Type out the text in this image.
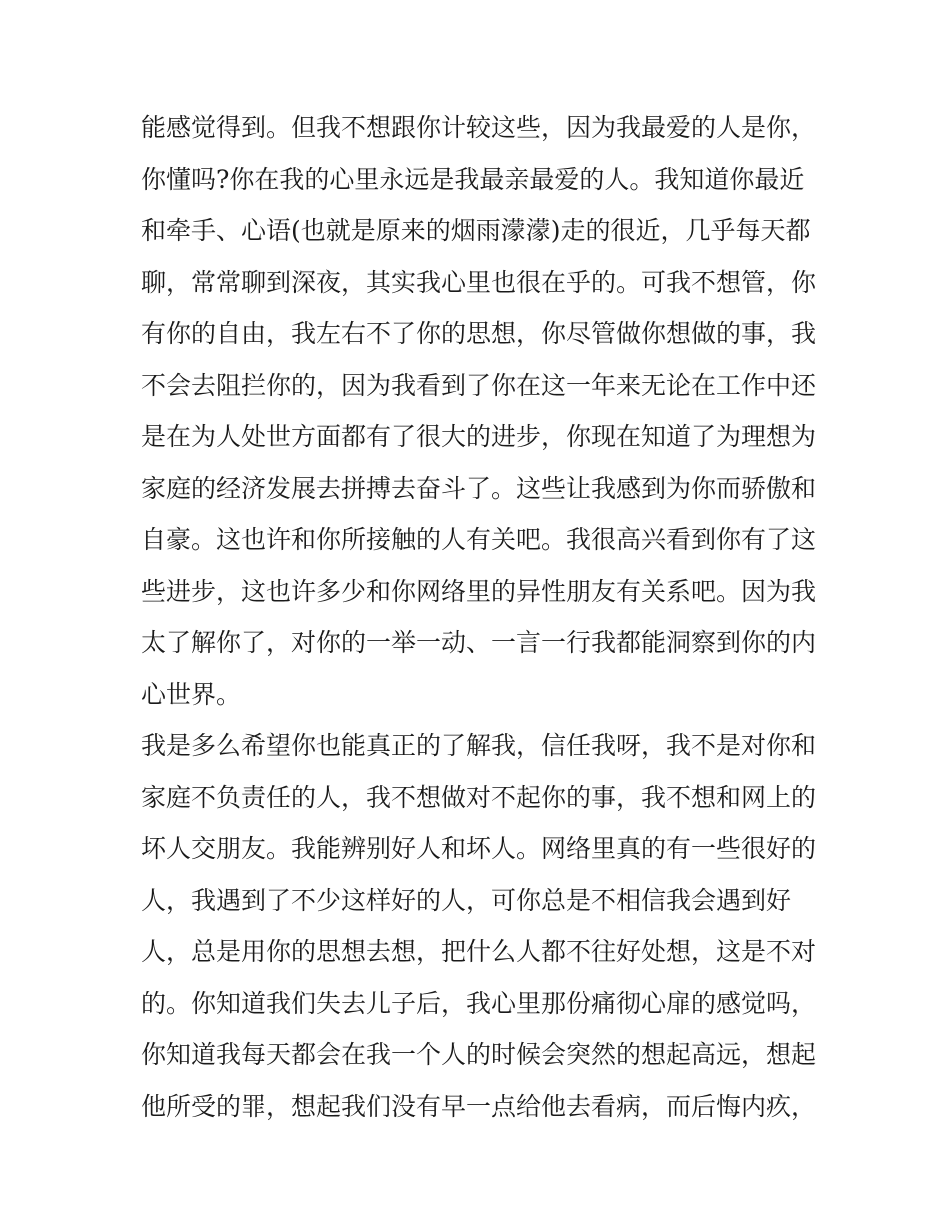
能感觉得到。但我不想跟你计较这些，因为我最爱的人是你，
你懂吗?你在我的心里永远是我最亲最爱的人。我知道你最近
和牵手、心语(也就是原来的烟雨濛濛)走的很近，几乎每天都
聊，常常聊到深夜，其实我心里也很在乎的。可我不想管，你
有你的自由，我左右不了你的思想，你尽管做你想做的事，我
不会去阻拦你的，因为我看到了你在这一年来无论在工作中还
是在为人处世方面都有了很大的进步，你现在知道了为理想为
家庭的经济发展去拼搏去奋斗了。这些让我感到为你而骄傲和
自豪。这也许和你所接触的人有关吧。我很高兴看到你有了这
些进步，这也许多少和你网络里的异性朋友有关系吧。因为我
太了解你了，对你的一举一动、一言一行我都能洞察到你的内
心世界。
我是多么希望你也能真正的了解我，信任我呀，我不是对你和
家庭不负责任的人，我不想做对不起你的事，我不想和网上的
坏人交朋友。我能辨别好人和坏人。网络里真的有一些很好的
人，我遇到了不少这样好的人，可你总是不相信我会遇到好
人，总是用你的思想去想，把什么人都不往好处想，这是不对
的。你知道我们失去儿子后，我心里那份痛彻心扉的感觉吗，
你知道我每天都会在我一个人的时候会突然的想起高远，想起
他所受的罪，想起我们没有早一点给他去看病，而后悔内疚，
